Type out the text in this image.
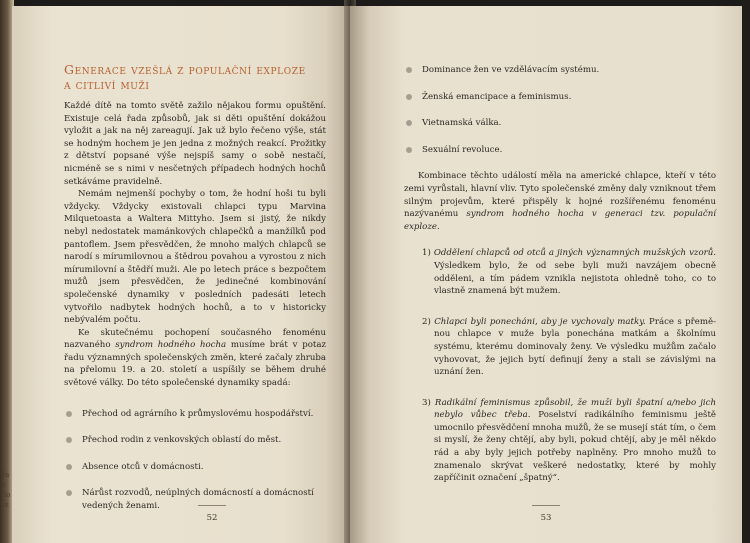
Ta
p
Ro
vz
Generace vzešlá z populační exploze
a citliví muži

Každé dítě na tomto světě zažilo nějakou formu opuštění. Existuje celá řada způsobů, jak si děti opuštění dokážou vyložit a jak na něj zareagují. Jak už bylo řečeno výše, stát se hodným hochem je jen jedna z možných reakcí. Prožitky z dětství popsané výše nejspíš samy o sobě nestačí, nicméně se s nimi v nesčetných případech hodných hochů setkáváme pravidelně.

Nemám nejmenší pochyby o tom, že hodní hoši tu byli vždycky. Vždycky existovali chlapci typu Marvina Milquetoasta a Waltera Mittyho. Jsem si jistý, že nikdy nebyl nedostatek mamánkových chlapečků a manžílků pod pantoflem. Jsem přesvědčen, že mnoho malých chlapců se narodí s mírumilovnou a štědrou povahou a vyrostou z nich mírumilovní a štědří muži. Ale po letech práce s bezpočtem mužů jsem přesvědčen, že jedinečné kombinování společenské dynamiky v posledních padesáti letech vytvořilo nadbytek hodných hochů, a to v historicky nebývalém počtu.

Ke skutečnému pochopení současného fenoménu nazvaného syndrom hodného hocha musíme brát v potaz řadu významných společenských změn, které začaly zhruba na přelomu 19. a 20. století a uspíšily se během druhé světové války. Do této společenské dynamiky spadá:

Přechod od agrárního k průmyslovému hospodářství.
Přechod rodin z venkovských oblastí do měst.
Absence otců v domácnosti.
Nárůst rozvodů, neúplných domácností a domácností vedených ženami.
52
Dominance žen ve vzdělávacím systému.
Ženská emancipace a feminismus.
Vietnamská válka.
Sexuální revoluce.

Kombinace těchto událostí měla na americké chlapce, kteří v této zemi vyrůstali, hlavní vliv. Tyto společenské změny daly vzniknout třem silným projevům, které přispěly k hojné rozšířenému fenoménu nazývanému syndrom hodného hocha v generaci tzv. populační exploze.

1) Oddělení chlapců od otců a jiných významných mužských vzorů. Výsledkem bylo, že od sebe byli muži navzájem obecně odděleni, a tím pádem vznikla nejistota ohledně toho, co to vlastně znamená být mužem.

2) Chlapci byli ponecháni, aby je vychovaly matky. Práce s přeměnou chlapce v muže byla ponechána matkám a školnímu systému, kterému dominovaly ženy. Ve výsledku mužům začalo vyhovovat, že jejich bytí definují ženy a stali se závislými na uznání žen.

3) Radikální feminismus způsobil, že muži byli špatní a/nebo jich nebylo vůbec třeba. Poselství radikálního feminismu ještě umocnilo přesvědčení mnoha mužů, že se musejí stát tím, o čem si myslí, že ženy chtějí, aby byli, pokud chtějí, aby je měl někdo rád a aby byly jejich potřeby naplněny. Pro mnoho mužů to znamenalo skrývat veškeré nedostatky, které by mohly zapříčinit označení „špatný“.

53
